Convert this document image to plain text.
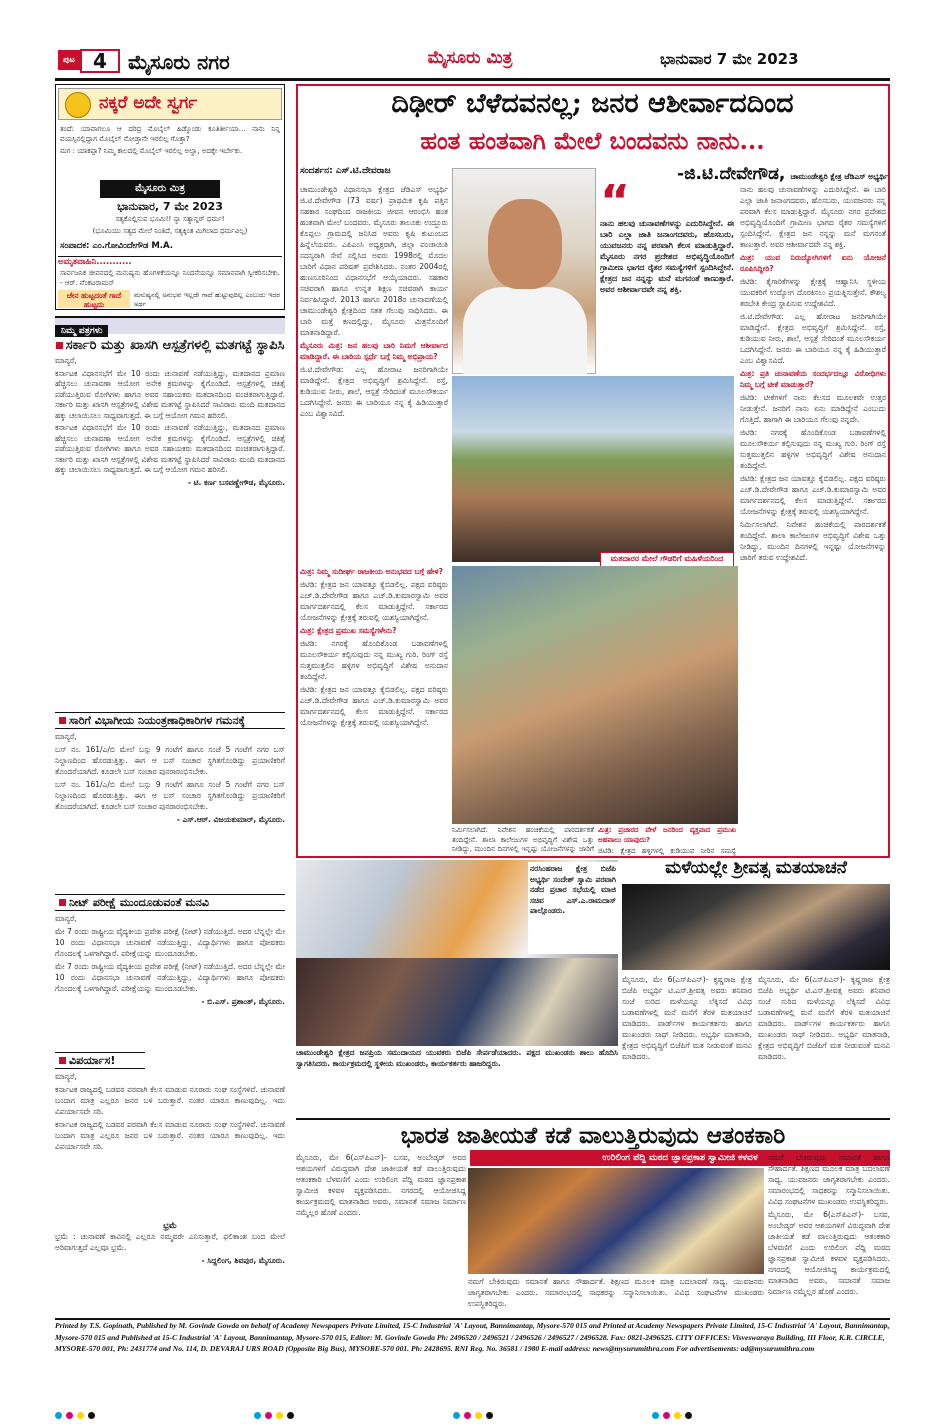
ಪುಟ 4	ಮೈಸೂರು ನಗರ	ಮೈಸೂರು ಮಿತ್ರ	ಭಾನುವಾರ 7 ಮೇ 2023
ನಕ್ಕರೆ ಅದೇ ಸ್ವರ್ಗ

ತಂದೆ: ಯಾವಾಗಲೂ ಆ ದರಿದ್ರ ಮೊಬೈಲ್ ಹಿಡ್ಕೊಂಡು ಕೂತಿರ್ತೀಯಾ... ನಾನು ನಿನ್ನ ವಯಸ್ಸಿನಲ್ಲಿದ್ದಾಗ ಮೊಬೈಲ್ ನೋಡ್ತಾನೇ ಇರಲಿಲ್ಲ ಗೊತ್ತಾ?

ಮಗ : ಯಾಕಪ್ಪಾ? ನಿಮ್ಮ ಕಾಲದಲ್ಲಿ ಮೊಬೈಲ್ ಇರಲಿಲ್ಲ ಅಲ್ವಾ, ಅದಕ್ಕೇ ಇರ್ಬೇಕು.

ಮೈಸೂರು ಮಿತ್ರ
ಭಾನುವಾರ, 7 ಮೇ 2023

ಸತ್ಯಕೊಲ್ಲಿಸುವ ಭೂಮಿ!! ನ್ಯಾ ಸತ್ಯಾನ್ನರ್ ಧರ್ಮ!

(ಭೂಮಿಯು ಸತ್ಯದ ಮೇಲೆ ನಿಂತಿದೆ, ಸತ್ಯಕ್ಕಿಂತ ಮಿಗಿಲಾದ ಧರ್ಮವಿಲ್ಲ)

ಸಂಪಾದಕ: ಎಂ.ಗೋವಿಂದೇಗೌಡ M.A.
ಅಮೃತವಾಹಿನಿ...........
ಸಾರ್ವಜನಿಕ ಜೀವನದಲ್ಲಿ ಮನುಷ್ಯನು ಹೊಗಳಿಕೆಯನ್ನೂ ನಿಂದನೆಯನ್ನೂ ಸಮಾನವಾಗಿ ಸ್ವೀಕರಿಸಬೇಕು. - ಆರ್. ವೆಂಕಟರಾಮನ್
ಜೇನ ಹುಟ್ಟದಂತೆ ಗಾದೆ ಹುಟ್ಟದು
ಮನುಷ್ಯನಲ್ಲಿ ಅನುಭವ ಇಲ್ಲದೇ ಗಾದೆ ಹುಟ್ಟುವುದಿಲ್ಲ ಎಂಬುದು ಇದರ ಅರ್ಥ
ನಿಮ್ಮ ಪತ್ರಗಳು
ಸರ್ಕಾರಿ ಮತ್ತು ಖಾಸಗಿ ಆಸ್ಪತ್ರೆಗಳಲ್ಲಿ ಮತಗಟ್ಟೆ ಸ್ಥಾಪಿಸಿ

ಮಾನ್ಯರೆ,

ಕರ್ನಾಟಕ ವಿಧಾನಸಭೆಗೆ ಮೇ 10 ರಂದು ಚುನಾವಣೆ ನಡೆಯುತ್ತಿದ್ದು, ಮತದಾನದ ಪ್ರಮಾಣ ಹೆಚ್ಚಿಸಲು ಚುನಾವಣಾ ಆಯೋಗ ಅನೇಕ ಕ್ರಮಗಳನ್ನು ಕೈಗೊಂಡಿದೆ. ಆಸ್ಪತ್ರೆಗಳಲ್ಲಿ ಚಿಕಿತ್ಸೆ ಪಡೆಯುತ್ತಿರುವ ರೋಗಿಗಳು ಹಾಗೂ ಅವರ ಸಹಾಯಕರು ಮತದಾನದಿಂದ ವಂಚಿತರಾಗುತ್ತಿದ್ದಾರೆ. ಸರ್ಕಾರಿ ಮತ್ತು ಖಾಸಗಿ ಆಸ್ಪತ್ರೆಗಳಲ್ಲಿ ವಿಶೇಷ ಮತಗಟ್ಟೆ ಸ್ಥಾಪಿಸಿದರೆ ಸಾವಿರಾರು ಮಂದಿ ಮತದಾನದ ಹಕ್ಕು ಚಲಾಯಿಸಲು ಸಾಧ್ಯವಾಗುತ್ತದೆ. ಈ ಬಗ್ಗೆ ಆಯೋಗ ಗಮನ ಹರಿಸಲಿ.

ಕರ್ನಾಟಕ ವಿಧಾನಸಭೆಗೆ ಮೇ 10 ರಂದು ಚುನಾವಣೆ ನಡೆಯುತ್ತಿದ್ದು, ಮತದಾನದ ಪ್ರಮಾಣ ಹೆಚ್ಚಿಸಲು ಚುನಾವಣಾ ಆಯೋಗ ಅನೇಕ ಕ್ರಮಗಳನ್ನು ಕೈಗೊಂಡಿದೆ. ಆಸ್ಪತ್ರೆಗಳಲ್ಲಿ ಚಿಕಿತ್ಸೆ ಪಡೆಯುತ್ತಿರುವ ರೋಗಿಗಳು ಹಾಗೂ ಅವರ ಸಹಾಯಕರು ಮತದಾನದಿಂದ ವಂಚಿತರಾಗುತ್ತಿದ್ದಾರೆ. ಸರ್ಕಾರಿ ಮತ್ತು ಖಾಸಗಿ ಆಸ್ಪತ್ರೆಗಳಲ್ಲಿ ವಿಶೇಷ ಮತಗಟ್ಟೆ ಸ್ಥಾಪಿಸಿದರೆ ಸಾವಿರಾರು ಮಂದಿ ಮತದಾನದ ಹಕ್ಕು ಚಲಾಯಿಸಲು ಸಾಧ್ಯವಾಗುತ್ತದೆ. ಈ ಬಗ್ಗೆ ಆಯೋಗ ಗಮನ ಹರಿಸಲಿ.

- ಟಿ. ಕರ್ಣ ಬಸವಣ್ಣೇಗೌಡ, ಮೈಸೂರು.

ಸಾರಿಗೆ ವಿಭಾಗೀಯ ನಿಯಂತ್ರಣಾಧಿಕಾರಿಗಳ ಗಮನಕ್ಕೆ

ಮಾನ್ಯರೆ,

ಬಸ್ ನಂ. 161/ಎ/ಬಿ ಮೇಲೆ ಬಸ್ಸು 9 ಗಂಟೆಗೆ ಹಾಗೂ ಸಂಜೆ 5 ಗಂಟೆಗೆ ನಗರ ಬಸ್ ನಿಲ್ದಾಣದಿಂದ ಹೊರಡುತ್ತಿತ್ತು. ಈಗ ಆ ಬಸ್ ಸಂಚಾರ ಸ್ಥಗಿತಗೊಂಡಿದ್ದು ಪ್ರಯಾಣಿಕರಿಗೆ ತೊಂದರೆಯಾಗಿದೆ. ಕೂಡಲೇ ಬಸ್ ಸಂಚಾರ ಪುನರಾರಂಭಿಸಬೇಕು.

ಬಸ್ ನಂ. 161/ಎ/ಬಿ ಮೇಲೆ ಬಸ್ಸು 9 ಗಂಟೆಗೆ ಹಾಗೂ ಸಂಜೆ 5 ಗಂಟೆಗೆ ನಗರ ಬಸ್ ನಿಲ್ದಾಣದಿಂದ ಹೊರಡುತ್ತಿತ್ತು. ಈಗ ಆ ಬಸ್ ಸಂಚಾರ ಸ್ಥಗಿತಗೊಂಡಿದ್ದು ಪ್ರಯಾಣಿಕರಿಗೆ ತೊಂದರೆಯಾಗಿದೆ. ಕೂಡಲೇ ಬಸ್ ಸಂಚಾರ ಪುನರಾರಂಭಿಸಬೇಕು.

- ಎಸ್.ಆರ್. ವಿಜಯಕುಮಾರ್, ಮೈಸೂರು.

ನೀಟ್ ಪರೀಕ್ಷೆ ಮುಂದೂಡುವಂತೆ ಮನವಿ

ಮಾನ್ಯರೆ,

ಮೇ 7 ರಂದು ರಾಷ್ಟ್ರೀಯ ವೈದ್ಯಕೀಯ ಪ್ರವೇಶ ಪರೀಕ್ಷೆ (ನೀಟ್) ನಡೆಯುತ್ತಿದೆ. ಅದರ ಬೆನ್ನಲ್ಲೇ ಮೇ 10 ರಂದು ವಿಧಾನಸಭಾ ಚುನಾವಣೆ ನಡೆಯುತ್ತಿದ್ದು, ವಿದ್ಯಾರ್ಥಿಗಳು ಹಾಗೂ ಪೋಷಕರು ಗೊಂದಲಕ್ಕೆ ಒಳಗಾಗಿದ್ದಾರೆ. ಪರೀಕ್ಷೆಯನ್ನು ಮುಂದೂಡಬೇಕು.

ಮೇ 7 ರಂದು ರಾಷ್ಟ್ರೀಯ ವೈದ್ಯಕೀಯ ಪ್ರವೇಶ ಪರೀಕ್ಷೆ (ನೀಟ್) ನಡೆಯುತ್ತಿದೆ. ಅದರ ಬೆನ್ನಲ್ಲೇ ಮೇ 10 ರಂದು ವಿಧಾನಸಭಾ ಚುನಾವಣೆ ನಡೆಯುತ್ತಿದ್ದು, ವಿದ್ಯಾರ್ಥಿಗಳು ಹಾಗೂ ಪೋಷಕರು ಗೊಂದಲಕ್ಕೆ ಒಳಗಾಗಿದ್ದಾರೆ. ಪರೀಕ್ಷೆಯನ್ನು ಮುಂದೂಡಬೇಕು.

- ಬಿ.ಎಸ್. ಪ್ರಶಾಂತ್, ಮೈಸೂರು.

ವಿಪರ್ಯಾಸ!

ಮಾನ್ಯರೆ,

ಕರ್ನಾಟಕ ರಾಜ್ಯದಲ್ಲಿ ಬಡವರ ಪರವಾಗಿ ಕೆಲಸ ಮಾಡುವ ನೂರಾರು ಸಂಘ ಸಂಸ್ಥೆಗಳಿವೆ. ಚುನಾವಣೆ ಬಂದಾಗ ಮಾತ್ರ ಎಲ್ಲರೂ ಜನರ ಬಳಿ ಬರುತ್ತಾರೆ. ನಂತರ ಯಾರೂ ಕಾಣುವುದಿಲ್ಲ. ಇದು ವಿಪರ್ಯಾಸವೇ ಸರಿ.

ಕರ್ನಾಟಕ ರಾಜ್ಯದಲ್ಲಿ ಬಡವರ ಪರವಾಗಿ ಕೆಲಸ ಮಾಡುವ ನೂರಾರು ಸಂಘ ಸಂಸ್ಥೆಗಳಿವೆ. ಚುನಾವಣೆ ಬಂದಾಗ ಮಾತ್ರ ಎಲ್ಲರೂ ಜನರ ಬಳಿ ಬರುತ್ತಾರೆ. ನಂತರ ಯಾರೂ ಕಾಣುವುದಿಲ್ಲ. ಇದು ವಿಪರ್ಯಾಸವೇ ಸರಿ.

ಭ್ರಮೆ
ಭ್ರಮೆ : ಚುನಾವಣೆ ಕಾವಿನಲ್ಲಿ ಎಲ್ಲರೂ ನಮ್ಮವರೇ ಎನಿಸುತ್ತಾರೆ, ಫಲಿತಾಂಶ ಬಂದ ಮೇಲೆ ಅರಿವಾಗುತ್ತದೆ ಎಲ್ಲವೂ ಭ್ರಮೆ.
- ಸಿದ್ದಲಿಂಗ, ಶಿವಪುರ, ಮೈಸೂರು.
ದಿಢೀರ್ ಬೆಳೆದವನಲ್ಲ; ಜನರ ಆಶೀರ್ವಾದದಿಂದ
ಹಂತ ಹಂತವಾಗಿ ಮೇಲೆ ಬಂದವನು ನಾನು...
ಸಂದರ್ಶನ: ಎಸ್.ಟಿ.ದೇವರಾಜ	-ಜಿ.ಟಿ.ದೇವೇಗೌಡ, ಚಾಮುಂಡೇಶ್ವರಿ ಕ್ಷೇತ್ರ ಜೆಡಿಎಸ್ ಅಭ್ಯರ್ಥಿ

ಚಾಮುಂಡೇಶ್ವರಿ ವಿಧಾನಸಭಾ ಕ್ಷೇತ್ರದ ಜೆಡಿಎಸ್ ಅಭ್ಯರ್ಥಿ ಜಿ.ಟಿ.ದೇವೇಗೌಡ (73 ವರ್ಷ) ಪ್ರಾಥಮಿಕ ಕೃಷಿ ಪತ್ತಿನ ಸಹಕಾರ ಸಂಘದಿಂದ ರಾಜಕೀಯ ಜೀವನ ಆರಂಭಿಸಿ ಹಂತ ಹಂತವಾಗಿ ಮೇಲೆ ಬಂದವರು. ಮೈಸೂರು ತಾಲೂಕು ಉದ್ಬೂರು ಕೊಪ್ಪಲು ಗ್ರಾಮದಲ್ಲಿ ಜನಿಸಿದ ಅವರು ಕೃಷಿ ಕುಟುಂಬದ ಹಿನ್ನೆಲೆಯವರು. ಎಪಿಎಂಸಿ ಅಧ್ಯಕ್ಷರಾಗಿ, ಜಿಲ್ಲಾ ಪಂಚಾಯಿತಿ ಸದಸ್ಯರಾಗಿ ಸೇವೆ ಸಲ್ಲಿಸಿದ ಅವರು 1998ರಲ್ಲಿ ಮೊದಲ ಬಾರಿಗೆ ವಿಧಾನ ಪರಿಷತ್ ಪ್ರವೇಶಿಸಿದರು. ನಂತರ 2004ರಲ್ಲಿ ಹುಣಸೂರಿನಿಂದ ವಿಧಾನಸಭೆಗೆ ಆಯ್ಕೆಯಾದರು. ಸಹಕಾರ ಸಚಿವರಾಗಿ ಹಾಗೂ ಉನ್ನತ ಶಿಕ್ಷಣ ಸಚಿವರಾಗಿ ಕಾರ್ಯ ನಿರ್ವಹಿಸಿದ್ದಾರೆ. 2013 ಹಾಗೂ 2018ರ ಚುನಾವಣೆಯಲ್ಲಿ ಚಾಮುಂಡೇಶ್ವರಿ ಕ್ಷೇತ್ರದಿಂದ ಸತತ ಗೆಲುವು ಸಾಧಿಸಿದರು. ಈ ಬಾರಿ ಮತ್ತೆ ಕಣದಲ್ಲಿದ್ದು, ಮೈಸೂರು ಮಿತ್ರನೊಂದಿಗೆ ಮಾತನಾಡಿದ್ದಾರೆ.

ಮೈಸೂರು ಮಿತ್ರ: ಜನ ಹಲವು ಬಾರಿ ನಿಮಗೆ ಆಶೀರ್ವಾದ ಮಾಡಿದ್ದಾರೆ. ಈ ಬಾರಿಯ ಸ್ಪರ್ಧೆ ಬಗ್ಗೆ ನಿಮ್ಮ ಅಭಿಪ್ರಾಯ?

ಜಿ.ಟಿ.ದೇವೇಗೌಡ: ಎಲ್ಲ ಹೋರಾಟ ಜನರಿಗಾಗಿಯೇ ಮಾಡಿದ್ದೇನೆ. ಕ್ಷೇತ್ರದ ಅಭಿವೃದ್ಧಿಗೆ ಶ್ರಮಿಸಿದ್ದೇನೆ. ರಸ್ತೆ, ಕುಡಿಯುವ ನೀರು, ಶಾಲೆ, ಆಸ್ಪತ್ರೆ ಸೇರಿದಂತೆ ಮೂಲಸೌಕರ್ಯ ಒದಗಿಸಿದ್ದೇನೆ. ಜನರು ಈ ಬಾರಿಯೂ ನನ್ನ ಕೈ ಹಿಡಿಯುತ್ತಾರೆ ಎಂಬ ವಿಶ್ವಾಸವಿದೆ.

ಮಿತ್ರ: ನಿಮ್ಮ ಸುದೀರ್ಘ ರಾಜಕೀಯ ಅನುಭವದ ಬಗ್ಗೆ ಹೇಳಿ?

ಜಿಟಿಡಿ: ಕ್ಷೇತ್ರದ ಜನ ಯಾವತ್ತೂ ಕೈಬಿಡಲಿಲ್ಲ. ಪಕ್ಷದ ವರಿಷ್ಠರು ಎಚ್.ಡಿ.ದೇವೇಗೌಡ ಹಾಗೂ ಎಚ್.ಡಿ.ಕುಮಾರಸ್ವಾಮಿ ಅವರ ಮಾರ್ಗದರ್ಶನದಲ್ಲಿ ಕೆಲಸ ಮಾಡುತ್ತಿದ್ದೇನೆ. ಸರ್ಕಾರದ ಯೋಜನೆಗಳನ್ನು ಕ್ಷೇತ್ರಕ್ಕೆ ತರುವಲ್ಲಿ ಯಶಸ್ವಿಯಾಗಿದ್ದೇನೆ.

ಮಿತ್ರ: ಕ್ಷೇತ್ರದ ಪ್ರಮುಖ ಸಮಸ್ಯೆಗಳೇನು?

ಜಿಟಿಡಿ: ನಗರಕ್ಕೆ ಹೊಂದಿಕೊಂಡ ಬಡಾವಣೆಗಳಲ್ಲಿ ಮೂಲಸೌಕರ್ಯ ಕಲ್ಪಿಸುವುದು ನನ್ನ ಮುಖ್ಯ ಗುರಿ. ರಿಂಗ್ ರಸ್ತೆ ಸುತ್ತಮುತ್ತಲಿನ ಹಳ್ಳಿಗಳ ಅಭಿವೃದ್ಧಿಗೆ ವಿಶೇಷ ಅನುದಾನ ತಂದಿದ್ದೇನೆ.

ಜಿಟಿಡಿ: ಕ್ಷೇತ್ರದ ಜನ ಯಾವತ್ತೂ ಕೈಬಿಡಲಿಲ್ಲ. ಪಕ್ಷದ ವರಿಷ್ಠರು ಎಚ್.ಡಿ.ದೇವೇಗೌಡ ಹಾಗೂ ಎಚ್.ಡಿ.ಕುಮಾರಸ್ವಾಮಿ ಅವರ ಮಾರ್ಗದರ್ಶನದಲ್ಲಿ ಕೆಲಸ ಮಾಡುತ್ತಿದ್ದೇನೆ. ಸರ್ಕಾರದ ಯೋಜನೆಗಳನ್ನು ಕ್ಷೇತ್ರಕ್ಕೆ ತರುವಲ್ಲಿ ಯಶಸ್ವಿಯಾಗಿದ್ದೇನೆ.

“

ನಾನು ಹಲವು ಚುನಾವಣೆಗಳನ್ನು ಎದುರಿಸಿದ್ದೇನೆ. ಈ ಬಾರಿ ಎಲ್ಲಾ ಜಾತಿ ಜನಾಂಗದವರು, ಹೊಸಬರು, ಯುವಜನರು ನನ್ನ ಪರವಾಗಿ ಕೆಲಸ ಮಾಡುತ್ತಿದ್ದಾರೆ. ಮೈಸೂರು ನಗರ ಪ್ರದೇಶದ ಅಭಿವೃದ್ಧಿಯೊಂದಿಗೆ ಗ್ರಾಮೀಣ ಭಾಗದ ರೈತರ ಸಮಸ್ಯೆಗಳಿಗೆ ಸ್ಪಂದಿಸಿದ್ದೇನೆ. ಕ್ಷೇತ್ರದ ಜನ ನನ್ನನ್ನು ಮನೆ ಮಗನಂತೆ ಕಾಣುತ್ತಾರೆ. ಅವರ ಆಶೀರ್ವಾದವೇ ನನ್ನ ಶಕ್ತಿ.

ಮತದಾರರ ಮೇಲೆ ಗೌಡರಿಗೆ ಮಹಿಳೆಯರಿಂದ

ನಾನು ಹಲವು ಚುನಾವಣೆಗಳನ್ನು ಎದುರಿಸಿದ್ದೇನೆ. ಈ ಬಾರಿ ಎಲ್ಲಾ ಜಾತಿ ಜನಾಂಗದವರು, ಹೊಸಬರು, ಯುವಜನರು ನನ್ನ ಪರವಾಗಿ ಕೆಲಸ ಮಾಡುತ್ತಿದ್ದಾರೆ. ಮೈಸೂರು ನಗರ ಪ್ರದೇಶದ ಅಭಿವೃದ್ಧಿಯೊಂದಿಗೆ ಗ್ರಾಮೀಣ ಭಾಗದ ರೈತರ ಸಮಸ್ಯೆಗಳಿಗೆ ಸ್ಪಂದಿಸಿದ್ದೇನೆ. ಕ್ಷೇತ್ರದ ಜನ ನನ್ನನ್ನು ಮನೆ ಮಗನಂತೆ ಕಾಣುತ್ತಾರೆ. ಅವರ ಆಶೀರ್ವಾದವೇ ನನ್ನ ಶಕ್ತಿ.

ಮಿತ್ರ: ಯುವ ನಿರುದ್ಯೋಗಿಗಳಿಗೆ ಏನು ಯೋಜನೆ ರೂಪಿಸಿದ್ದೀರಿ?

ಜಿಟಿಡಿ: ಕೈಗಾರಿಕೆಗಳನ್ನು ಕ್ಷೇತ್ರಕ್ಕೆ ಆಹ್ವಾನಿಸಿ ಸ್ಥಳೀಯ ಯುವಕರಿಗೆ ಉದ್ಯೋಗ ದೊರಕಿಸಲು ಪ್ರಯತ್ನಿಸುತ್ತೇನೆ. ಕೌಶಲ್ಯ ತರಬೇತಿ ಕೇಂದ್ರ ಸ್ಥಾಪಿಸುವ ಉದ್ದೇಶವಿದೆ.

ಜಿ.ಟಿ.ದೇವೇಗೌಡ: ಎಲ್ಲ ಹೋರಾಟ ಜನರಿಗಾಗಿಯೇ ಮಾಡಿದ್ದೇನೆ. ಕ್ಷೇತ್ರದ ಅಭಿವೃದ್ಧಿಗೆ ಶ್ರಮಿಸಿದ್ದೇನೆ. ರಸ್ತೆ, ಕುಡಿಯುವ ನೀರು, ಶಾಲೆ, ಆಸ್ಪತ್ರೆ ಸೇರಿದಂತೆ ಮೂಲಸೌಕರ್ಯ ಒದಗಿಸಿದ್ದೇನೆ. ಜನರು ಈ ಬಾರಿಯೂ ನನ್ನ ಕೈ ಹಿಡಿಯುತ್ತಾರೆ ಎಂಬ ವಿಶ್ವಾಸವಿದೆ.

ಮಿತ್ರ: ಪ್ರತಿ ಚುನಾವಣೆಯ ಸಂದರ್ಭದಲ್ಲೂ ವಿರೋಧಿಗಳು ನಿಮ್ಮ ಬಗ್ಗೆ ಟೀಕೆ ಮಾಡುತ್ತಾರೆ?

ಜಿಟಿಡಿ: ಟೀಕೆಗಳಿಗೆ ನಾನು ಕೆಲಸದ ಮೂಲಕವೇ ಉತ್ತರ ನೀಡುತ್ತೇನೆ. ಜನರಿಗೆ ನಾನು ಏನು ಮಾಡಿದ್ದೇನೆ ಎಂಬುದು ಗೊತ್ತಿದೆ. ಹಾಗಾಗಿ ಈ ಬಾರಿಯೂ ಗೆಲುವು ನನ್ನದೇ.

ಜಿಟಿಡಿ: ನಗರಕ್ಕೆ ಹೊಂದಿಕೊಂಡ ಬಡಾವಣೆಗಳಲ್ಲಿ ಮೂಲಸೌಕರ್ಯ ಕಲ್ಪಿಸುವುದು ನನ್ನ ಮುಖ್ಯ ಗುರಿ. ರಿಂಗ್ ರಸ್ತೆ ಸುತ್ತಮುತ್ತಲಿನ ಹಳ್ಳಿಗಳ ಅಭಿವೃದ್ಧಿಗೆ ವಿಶೇಷ ಅನುದಾನ ತಂದಿದ್ದೇನೆ.

ಜಿಟಿಡಿ: ಕ್ಷೇತ್ರದ ಜನ ಯಾವತ್ತೂ ಕೈಬಿಡಲಿಲ್ಲ. ಪಕ್ಷದ ವರಿಷ್ಠರು ಎಚ್.ಡಿ.ದೇವೇಗೌಡ ಹಾಗೂ ಎಚ್.ಡಿ.ಕುಮಾರಸ್ವಾಮಿ ಅವರ ಮಾರ್ಗದರ್ಶನದಲ್ಲಿ ಕೆಲಸ ಮಾಡುತ್ತಿದ್ದೇನೆ. ಸರ್ಕಾರದ ಯೋಜನೆಗಳನ್ನು ಕ್ಷೇತ್ರಕ್ಕೆ ತರುವಲ್ಲಿ ಯಶಸ್ವಿಯಾಗಿದ್ದೇನೆ.

ನಿರ್ಮಿಸಲಾಗಿದೆ. ನಿವೇಶನ ಹಂಚಿಕೆಯಲ್ಲಿ ಪಾರದರ್ಶಕತೆ ತಂದಿದ್ದೇನೆ. ಶಾಲಾ ಕಾಲೇಜುಗಳ ಅಭಿವೃದ್ಧಿಗೆ ವಿಶೇಷ ಒತ್ತು ನೀಡಿದ್ದು, ಮುಂದಿನ ದಿನಗಳಲ್ಲಿ ಇನ್ನಷ್ಟು ಯೋಜನೆಗಳನ್ನು ಜಾರಿಗೆ ತರುವ ಉದ್ದೇಶವಿದೆ.

ನಿರ್ಮಿಸಲಾಗಿದೆ. ನಿವೇಶನ ಹಂಚಿಕೆಯಲ್ಲಿ ಪಾರದರ್ಶಕತೆ ತಂದಿದ್ದೇನೆ. ಶಾಲಾ ಕಾಲೇಜುಗಳ ಅಭಿವೃದ್ಧಿಗೆ ವಿಶೇಷ ಒತ್ತು ನೀಡಿದ್ದು, ಮುಂದಿನ ದಿನಗಳಲ್ಲಿ ಇನ್ನಷ್ಟು ಯೋಜನೆಗಳನ್ನು ಜಾರಿಗೆ

ಮಿತ್ರ: ಪ್ರಚಾರದ ವೇಳೆ ಜನರಿಂದ ವ್ಯಕ್ತವಾದ ಪ್ರಮುಖ ಅಹವಾಲು ಯಾವುದು?

ಜಿಟಿಡಿ: ಕ್ಷೇತ್ರದ ಹಳ್ಳಿಗಳಲ್ಲಿ ಕುಡಿಯುವ ನೀರಿನ ಸಮಸ್ಯೆ

ನರಸಿಂಹರಾಜ ಕ್ಷೇತ್ರ ಬಿಜೆಪಿ ಅಭ್ಯರ್ಥಿ ಸಂದೇಶ್ ಸ್ವಾಮಿ ಪರವಾಗಿ ನಡೆದ ಪ್ರಚಾರ ಸಭೆಯಲ್ಲಿ ಮಾಜಿ ಸಚಿವ ಎಸ್.ಎ.ರಾಮದಾಸ್ ಪಾಲ್ಗೊಂಡರು.
ಚಾಮುಂಡೇಶ್ವರಿ ಕ್ಷೇತ್ರದ ಜನಪ್ರಿಯ ಸಮುದಾಯದ ಯುವಕರು ಬಿಜೆಪಿ ಸೇರ್ಪಡೆಯಾದರು. ಪಕ್ಷದ ಮುಖಂಡರು ಶಾಲು ಹೊದಿಸಿ ಸ್ವಾಗತಿಸಿದರು. ಕಾರ್ಯಕ್ರಮದಲ್ಲಿ ಸ್ಥಳೀಯ ಮುಖಂಡರು, ಕಾರ್ಯಕರ್ತರು ಹಾಜರಿದ್ದರು.
ಮಳೆಯಲ್ಲೇ ಶ್ರೀವತ್ಸ ಮತಯಾಚನೆ
ಮೈಸೂರು, ಮೇ 6(ಎಸ್‌ಪಿಎನ್)- ಕೃಷ್ಣರಾಜ ಕ್ಷೇತ್ರ ಬಿಜೆಪಿ ಅಭ್ಯರ್ಥಿ ಟಿ.ಎಸ್.ಶ್ರೀವತ್ಸ ಅವರು ಶನಿವಾರ ಸಂಜೆ ಸುರಿದ ಮಳೆಯನ್ನೂ ಲೆಕ್ಕಿಸದೆ ವಿವಿಧ ಬಡಾವಣೆಗಳಲ್ಲಿ ಮನೆ ಮನೆಗೆ ತೆರಳಿ ಮತಯಾಚನೆ ಮಾಡಿದರು. ವಾರ್ಡ್‌ಗಳ ಕಾರ್ಯಕರ್ತರು ಹಾಗೂ ಮುಖಂಡರು ಸಾಥ್ ನೀಡಿದರು. ಅಭ್ಯರ್ಥಿ ಮಾತನಾಡಿ, ಕ್ಷೇತ್ರದ ಅಭಿವೃದ್ಧಿಗೆ ಬಿಜೆಪಿಗೆ ಮತ ನೀಡುವಂತೆ ಮನವಿ ಮಾಡಿದರು.
ಮೈಸೂರು, ಮೇ 6(ಎಸ್‌ಪಿಎನ್)- ಕೃಷ್ಣರಾಜ ಕ್ಷೇತ್ರ ಬಿಜೆಪಿ ಅಭ್ಯರ್ಥಿ ಟಿ.ಎಸ್.ಶ್ರೀವತ್ಸ ಅವರು ಶನಿವಾರ ಸಂಜೆ ಸುರಿದ ಮಳೆಯನ್ನೂ ಲೆಕ್ಕಿಸದೆ ವಿವಿಧ ಬಡಾವಣೆಗಳಲ್ಲಿ ಮನೆ ಮನೆಗೆ ತೆರಳಿ ಮತಯಾಚನೆ ಮಾಡಿದರು. ವಾರ್ಡ್‌ಗಳ ಕಾರ್ಯಕರ್ತರು ಹಾಗೂ ಮುಖಂಡರು ಸಾಥ್ ನೀಡಿದರು. ಅಭ್ಯರ್ಥಿ ಮಾತನಾಡಿ, ಕ್ಷೇತ್ರದ ಅಭಿವೃದ್ಧಿಗೆ ಬಿಜೆಪಿಗೆ ಮತ ನೀಡುವಂತೆ ಮನವಿ ಮಾಡಿದರು.
ಭಾರತ ಜಾತೀಯತೆ ಕಡೆ ವಾಲುತ್ತಿರುವುದು ಆತಂಕಕಾರಿ
ಉರಿಲಿಂಗ ಪೆದ್ದಿ ಮಠದ ಜ್ಞಾನಪ್ರಕಾಶ ಸ್ವಾಮೀಜಿ ಕಳವಳ
ಮೈಸೂರು, ಮೇ 6(ಎಸ್‌ಪಿಎನ್)- ಬಸವ, ಅಂಬೇಡ್ಕರ್ ಅವರ ಆಶಯಗಳಿಗೆ ವಿರುದ್ಧವಾಗಿ ದೇಶ ಜಾತೀಯತೆ ಕಡೆ ವಾಲುತ್ತಿರುವುದು ಆತಂಕಕಾರಿ ಬೆಳವಣಿಗೆ ಎಂದು ಉರಿಲಿಂಗ ಪೆದ್ದಿ ಮಠದ ಜ್ಞಾನಪ್ರಕಾಶ ಸ್ವಾಮೀಜಿ ಕಳವಳ ವ್ಯಕ್ತಪಡಿಸಿದರು. ನಗರದಲ್ಲಿ ಆಯೋಜಿಸಿದ್ದ ಕಾರ್ಯಕ್ರಮದಲ್ಲಿ ಮಾತನಾಡಿದ ಅವರು, ಸಮಾನತೆ ಸಮಾಜ ನಿರ್ಮಾಣ ನಮ್ಮೆಲ್ಲರ ಹೊಣೆ ಎಂದರು.
ನಮಗೆ ಬೇಕಿರುವುದು ಸಮಾನತೆ ಹಾಗೂ ಸೌಹಾರ್ದತೆ. ಶಿಕ್ಷಣದ ಮೂಲಕ ಮಾತ್ರ ಬದಲಾವಣೆ ಸಾಧ್ಯ. ಯುವಜನರು ಜಾಗೃತರಾಗಬೇಕು ಎಂದರು. ಸಮಾರಂಭದಲ್ಲಿ ಸಾಧಕರನ್ನು ಸನ್ಮಾನಿಸಲಾಯಿತು. ವಿವಿಧ ಸಂಘಟನೆಗಳ ಮುಖಂಡರು ಉಪಸ್ಥಿತರಿದ್ದರು.

ನಮಗೆ ಬೇಕಿರುವುದು ಸಮಾನತೆ ಹಾಗೂ ಸೌಹಾರ್ದತೆ. ಶಿಕ್ಷಣದ ಮೂಲಕ ಮಾತ್ರ ಬದಲಾವಣೆ ಸಾಧ್ಯ. ಯುವಜನರು ಜಾಗೃತರಾಗಬೇಕು ಎಂದರು. ಸಮಾರಂಭದಲ್ಲಿ ಸಾಧಕರನ್ನು ಸನ್ಮಾನಿಸಲಾಯಿತು. ವಿವಿಧ ಸಂಘಟನೆಗಳ ಮುಖಂಡರು ಉಪಸ್ಥಿತರಿದ್ದರು.

ಮೈಸೂರು, ಮೇ 6(ಎಸ್‌ಪಿಎನ್)- ಬಸವ, ಅಂಬೇಡ್ಕರ್ ಅವರ ಆಶಯಗಳಿಗೆ ವಿರುದ್ಧವಾಗಿ ದೇಶ ಜಾತೀಯತೆ ಕಡೆ ವಾಲುತ್ತಿರುವುದು ಆತಂಕಕಾರಿ ಬೆಳವಣಿಗೆ ಎಂದು ಉರಿಲಿಂಗ ಪೆದ್ದಿ ಮಠದ ಜ್ಞಾನಪ್ರಕಾಶ ಸ್ವಾಮೀಜಿ ಕಳವಳ ವ್ಯಕ್ತಪಡಿಸಿದರು. ನಗರದಲ್ಲಿ ಆಯೋಜಿಸಿದ್ದ ಕಾರ್ಯಕ್ರಮದಲ್ಲಿ ಮಾತನಾಡಿದ ಅವರು, ಸಮಾನತೆ ಸಮಾಜ ನಿರ್ಮಾಣ ನಮ್ಮೆಲ್ಲರ ಹೊಣೆ ಎಂದರು.

Printed by T.S. Gopinath, Published by M. Govinde Gowda on behalf of Academy Newspapers Private Limited, 15-C Industrial 'A' Layout, Bannimantap, Mysore-570 015 and Printed at Academy Newspapers Private Limited, 15-C Industrial 'A' Layout, Bannimantap, Mysore-570 015 and Published at 15-C Industrial 'A' Layout, Bannimantap, Mysore-570 015, Editor: M. Govinde Gowda Ph: 2496520 / 2496521 / 2496526 / 2496527 / 2496528. Fax: 0821-2496525. CITY OFFICES: Visveswaraya Building, III Floor, K.R. CIRCLE, MYSORE-570 001, Ph: 2431774 and No. 114, D. DEVARAJ URS ROAD (Opposite Big Bus), MYSORE-570 001. Ph: 2428695. RNI Reg. No. 36581 / 1980 E-mail address: news@mysurumithra.com For advertisements: ad@mysurumithra.com
